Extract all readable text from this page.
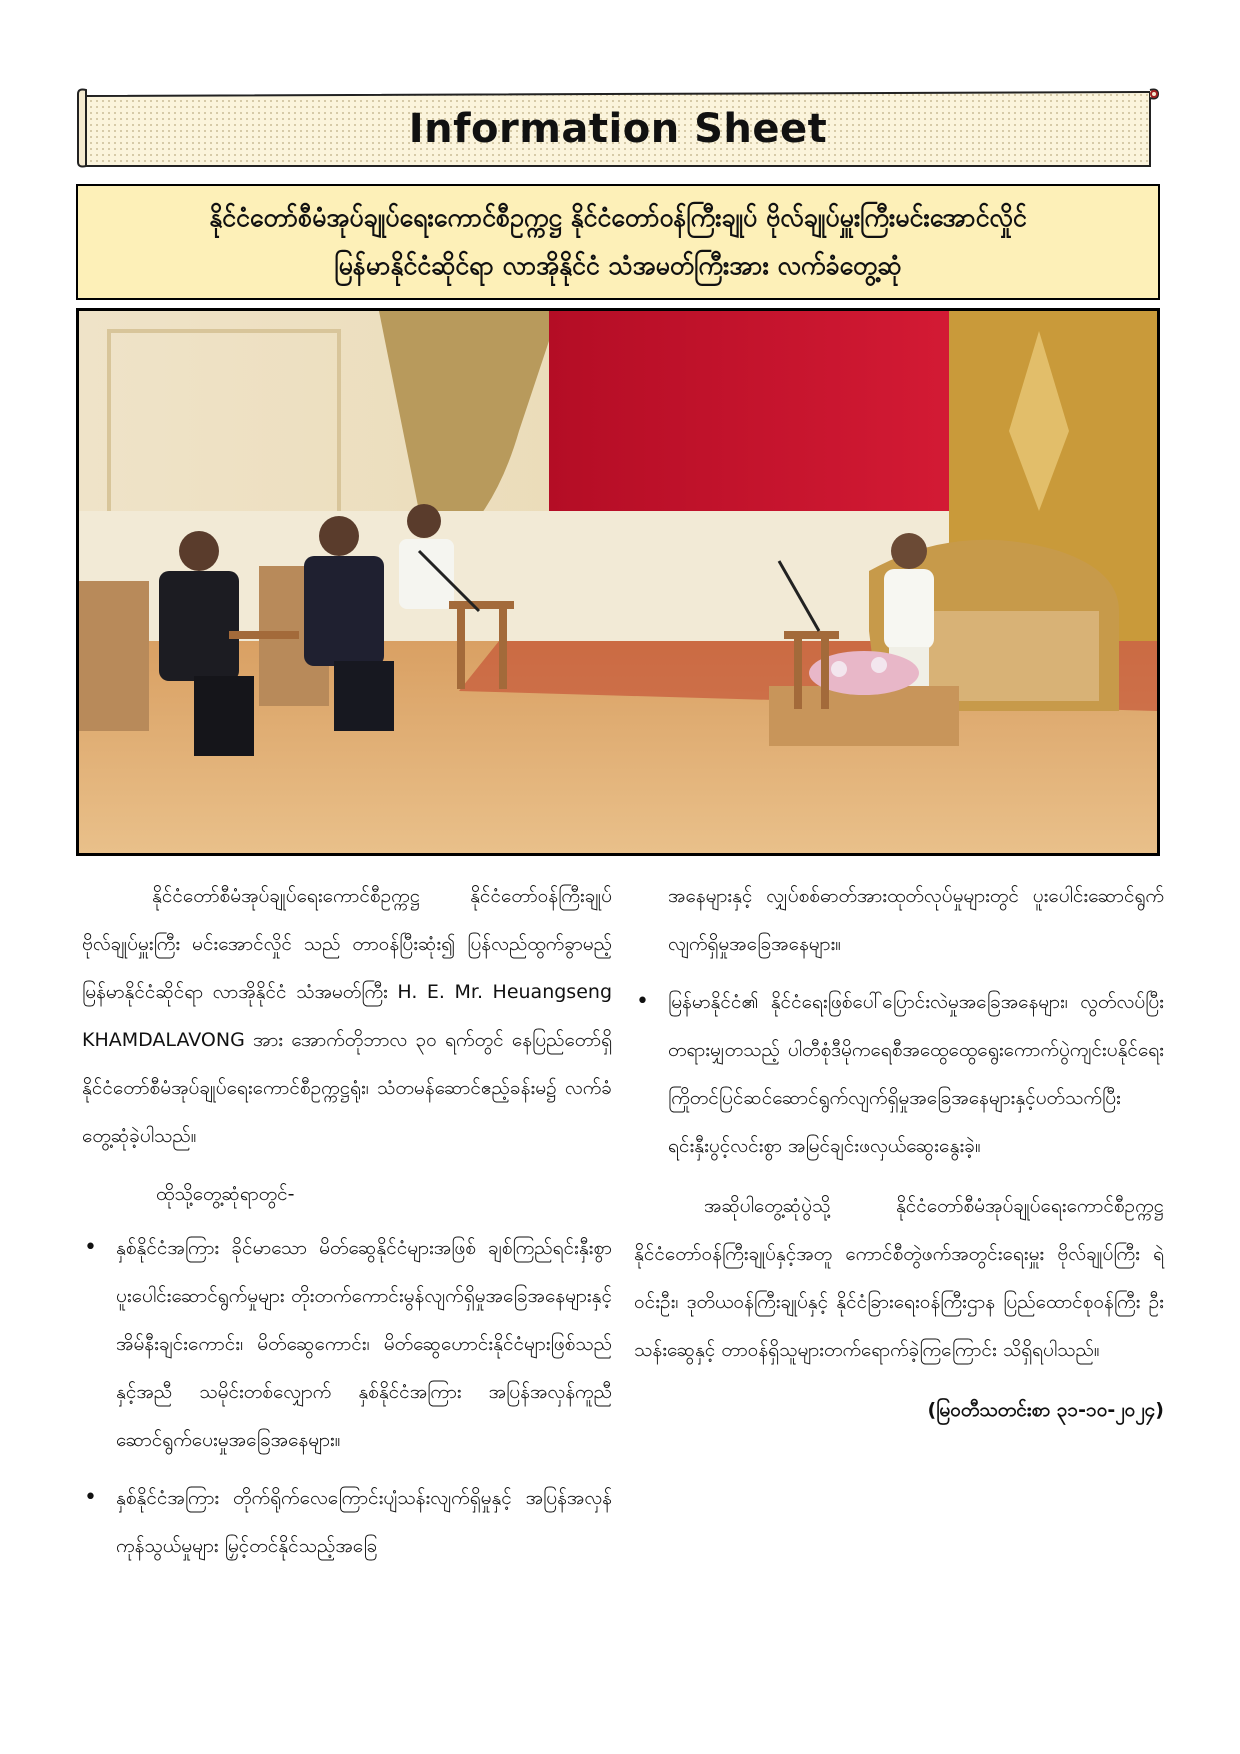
Information Sheet
နိုင်ငံတော်စီမံအုပ်ချုပ်ရေးကောင်စီဥက္ကဋ္ဌ နိုင်ငံတော်ဝန်ကြီးချုပ် ဗိုလ်ချုပ်မှူးကြီးမင်းအောင်လှိုင်
မြန်မာနိုင်ငံဆိုင်ရာ လာအိုနိုင်ငံ သံအမတ်ကြီးအား လက်ခံတွေ့ဆုံ

နိုင်ငံတော်စီမံအုပ်ချုပ်ရေးကောင်စီဥက္ကဋ္ဌ နိုင်ငံတော်ဝန်ကြီးချုပ် ဗိုလ်ချုပ်မှူးကြီး မင်းအောင်လှိုင် သည် တာဝန်ပြီးဆုံး၍ ပြန်လည်ထွက်ခွာမည့် မြန်မာနိုင်ငံဆိုင်ရာ လာအိုနိုင်ငံ သံအမတ်ကြီး H. E. Mr. Heuangseng KHAMDALAVONG အား အောက်တိုဘာလ ၃၀ ရက်တွင် နေပြည်တော်ရှိ နိုင်ငံတော်စီမံအုပ်ချုပ်ရေးကောင်စီဥက္ကဋ္ဌရုံး၊ သံတမန်ဆောင်ဧည့်ခန်းမ၌ လက်ခံတွေ့ဆုံခဲ့ပါသည်။

ထိုသို့တွေ့ဆုံရာတွင်-

• နှစ်နိုင်ငံအကြား ခိုင်မာသော မိတ်ဆွေနိုင်ငံများအဖြစ် ချစ်ကြည်ရင်းနှီးစွာ ပူးပေါင်းဆောင်ရွက်မှုများ တိုးတက်ကောင်းမွန်လျက်ရှိမှုအခြေအနေများနှင့် အိမ်နီးချင်းကောင်း၊ မိတ်ဆွေကောင်း၊ မိတ်ဆွေဟောင်းနိုင်ငံများဖြစ်သည်နှင့်အညီ သမိုင်းတစ်လျှောက် နှစ်နိုင်ငံအကြား အပြန်အလှန်ကူညီဆောင်ရွက်ပေးမှုအခြေအနေများ။
• နှစ်နိုင်ငံအကြား တိုက်ရိုက်လေကြောင်းပျံသန်းလျက်ရှိမှုနှင့် အပြန်အလှန်ကုန်သွယ်မှုများ မြှင့်တင်နိုင်သည့်အခြေ

အနေများနှင့် လျှပ်စစ်ဓာတ်အားထုတ်လုပ်မှုများတွင် ပူးပေါင်းဆောင်ရွက်လျက်ရှိမှုအခြေအနေများ။

• မြန်မာနိုင်ငံ၏ နိုင်ငံရေးဖြစ်ပေါ်ပြောင်းလဲမှုအခြေအနေများ၊ လွတ်လပ်ပြီး တရားမျှတသည့် ပါတီစုံဒီမိုကရေစီအထွေထွေရွေးကောက်ပွဲကျင်းပနိုင်ရေး ကြိုတင်ပြင်ဆင်ဆောင်ရွက်လျက်ရှိမှုအခြေအနေများနှင့်ပတ်သက်ပြီး ရင်းနှီးပွင့်လင်းစွာ အမြင်ချင်းဖလှယ်ဆွေးနွေးခဲ့။

အဆိုပါတွေ့ဆုံပွဲသို့ နိုင်ငံတော်စီမံအုပ်ချုပ်ရေးကောင်စီဥက္ကဋ္ဌ နိုင်ငံတော်ဝန်ကြီးချုပ်နှင့်အတူ ကောင်စီတွဲဖက်အတွင်းရေးမှူး ဗိုလ်ချုပ်ကြီး ရဲဝင်းဦး၊ ဒုတိယဝန်ကြီးချုပ်နှင့် နိုင်ငံခြားရေးဝန်ကြီးဌာန ပြည်ထောင်စုဝန်ကြီး ဦးသန်းဆွေနှင့် တာဝန်ရှိသူများတက်ရောက်ခဲ့ကြကြောင်း သိရှိရပါသည်။

(မြဝတီသတင်းစာ ၃၁-၁၀-၂၀၂၄)
